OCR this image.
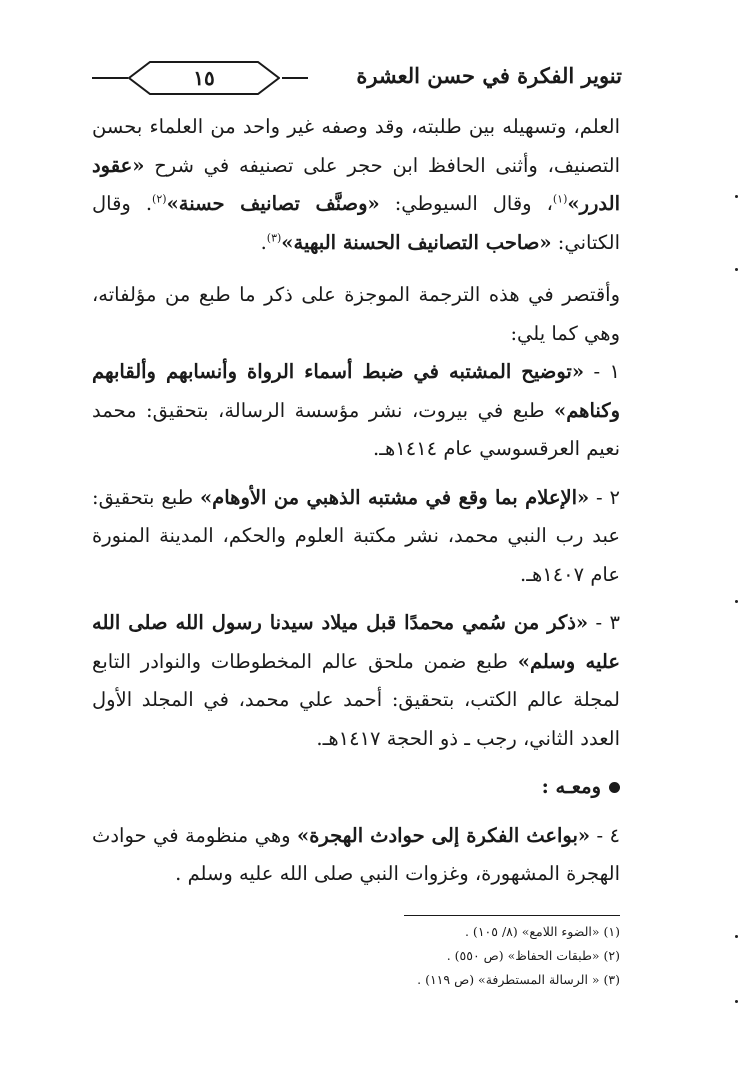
١٥	تنوير الفكرة في حسن العشرة

العلم، وتسهيله بين طلبته، وقد وصفه غير واحد من العلماء بحسن التصنيف، وأثنى الحافظ ابن حجر على تصنيفه في شرح «عقود الدرر»$^{(١)}$، وقال السيوطي: «وصنَّف تصانيف حسنة»$^{(٢)}$. وقال الكتاني: «صاحب التصانيف الحسنة البهية»$^{(٣)}$.

وأقتصر في هذه الترجمة الموجزة على ذكر ما طبع من مؤلفاته، وهي كما يلي:

١ - «توضيح المشتبه في ضبط أسماء الرواة وأنسابهم وألقابهم وكناهم» طبع في بيروت، نشر مؤسسة الرسالة، بتحقيق: محمد نعيم العرقسوسي عام ١٤١٤هـ.

٢ - «الإعلام بما وقع في مشتبه الذهبي من الأوهام» طبع بتحقيق: عبد رب النبي محمد، نشر مكتبة العلوم والحكم، المدينة المنورة عام ١٤٠٧هـ.

٣ - «ذكر من سُمي محمدًا قبل ميلاد سيدنا رسول الله صلى الله عليه وسلم» طبع ضمن ملحق عالم المخطوطات والنوادر التابع لمجلة عالم الكتب، بتحقيق: أحمد علي محمد، في المجلد الأول العدد الثاني، رجب ـ ذو الحجة ١٤١٧هـ.

ومعـه :

٤ - «بواعث الفكرة إلى حوادث الهجرة» وهي منظومة في حوادث الهجرة المشهورة، وغزوات النبي صلى الله عليه وسلم .

(١) «الضوء اللامع» (٨/ ١٠٥) .

(٢) «طبقات الحفاظ» (ص ٥٥٠) .

(٣) « الرسالة المستطرفة» (ص ١١٩) .
